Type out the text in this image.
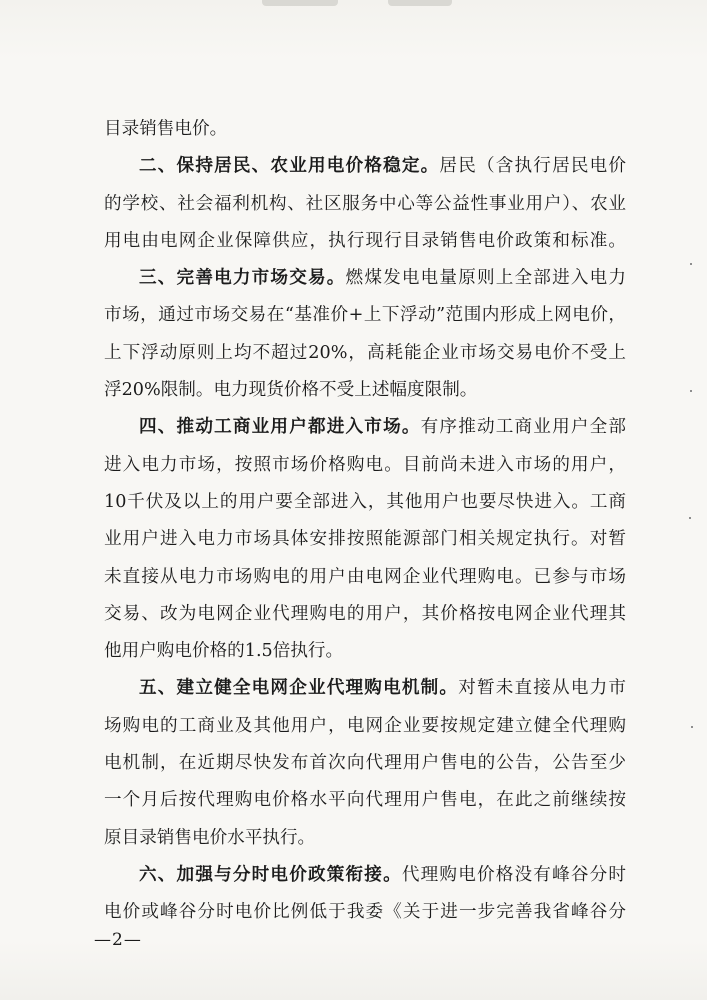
目录销售电价。
二、保持居民、农业用电价格稳定。居民（含执行居民电价
的学校、社会福利机构、社区服务中心等公益性事业用户）、农业
用电由电网企业保障供应，执行现行目录销售电价政策和标准。
三、完善电力市场交易。燃煤发电电量原则上全部进入电力
市场，通过市场交易在“基准价+上下浮动”范围内形成上网电价，
上下浮动原则上均不超过20%，高耗能企业市场交易电价不受上
浮20%限制。电力现货价格不受上述幅度限制。
四、推动工商业用户都进入市场。有序推动工商业用户全部
进入电力市场，按照市场价格购电。目前尚未进入市场的用户，
10千伏及以上的用户要全部进入，其他用户也要尽快进入。工商
业用户进入电力市场具体安排按照能源部门相关规定执行。对暂
未直接从电力市场购电的用户由电网企业代理购电。已参与市场
交易、改为电网企业代理购电的用户，其价格按电网企业代理其
他用户购电价格的1.5倍执行。
五、建立健全电网企业代理购电机制。对暂未直接从电力市
场购电的工商业及其他用户，电网企业要按规定建立健全代理购
电机制，在近期尽快发布首次向代理用户售电的公告，公告至少
一个月后按代理购电价格水平向代理用户售电，在此之前继续按
原目录销售电价水平执行。
六、加强与分时电价政策衔接。代理购电价格没有峰谷分时
电价或峰谷分时电价比例低于我委《关于进一步完善我省峰谷分
—2—
